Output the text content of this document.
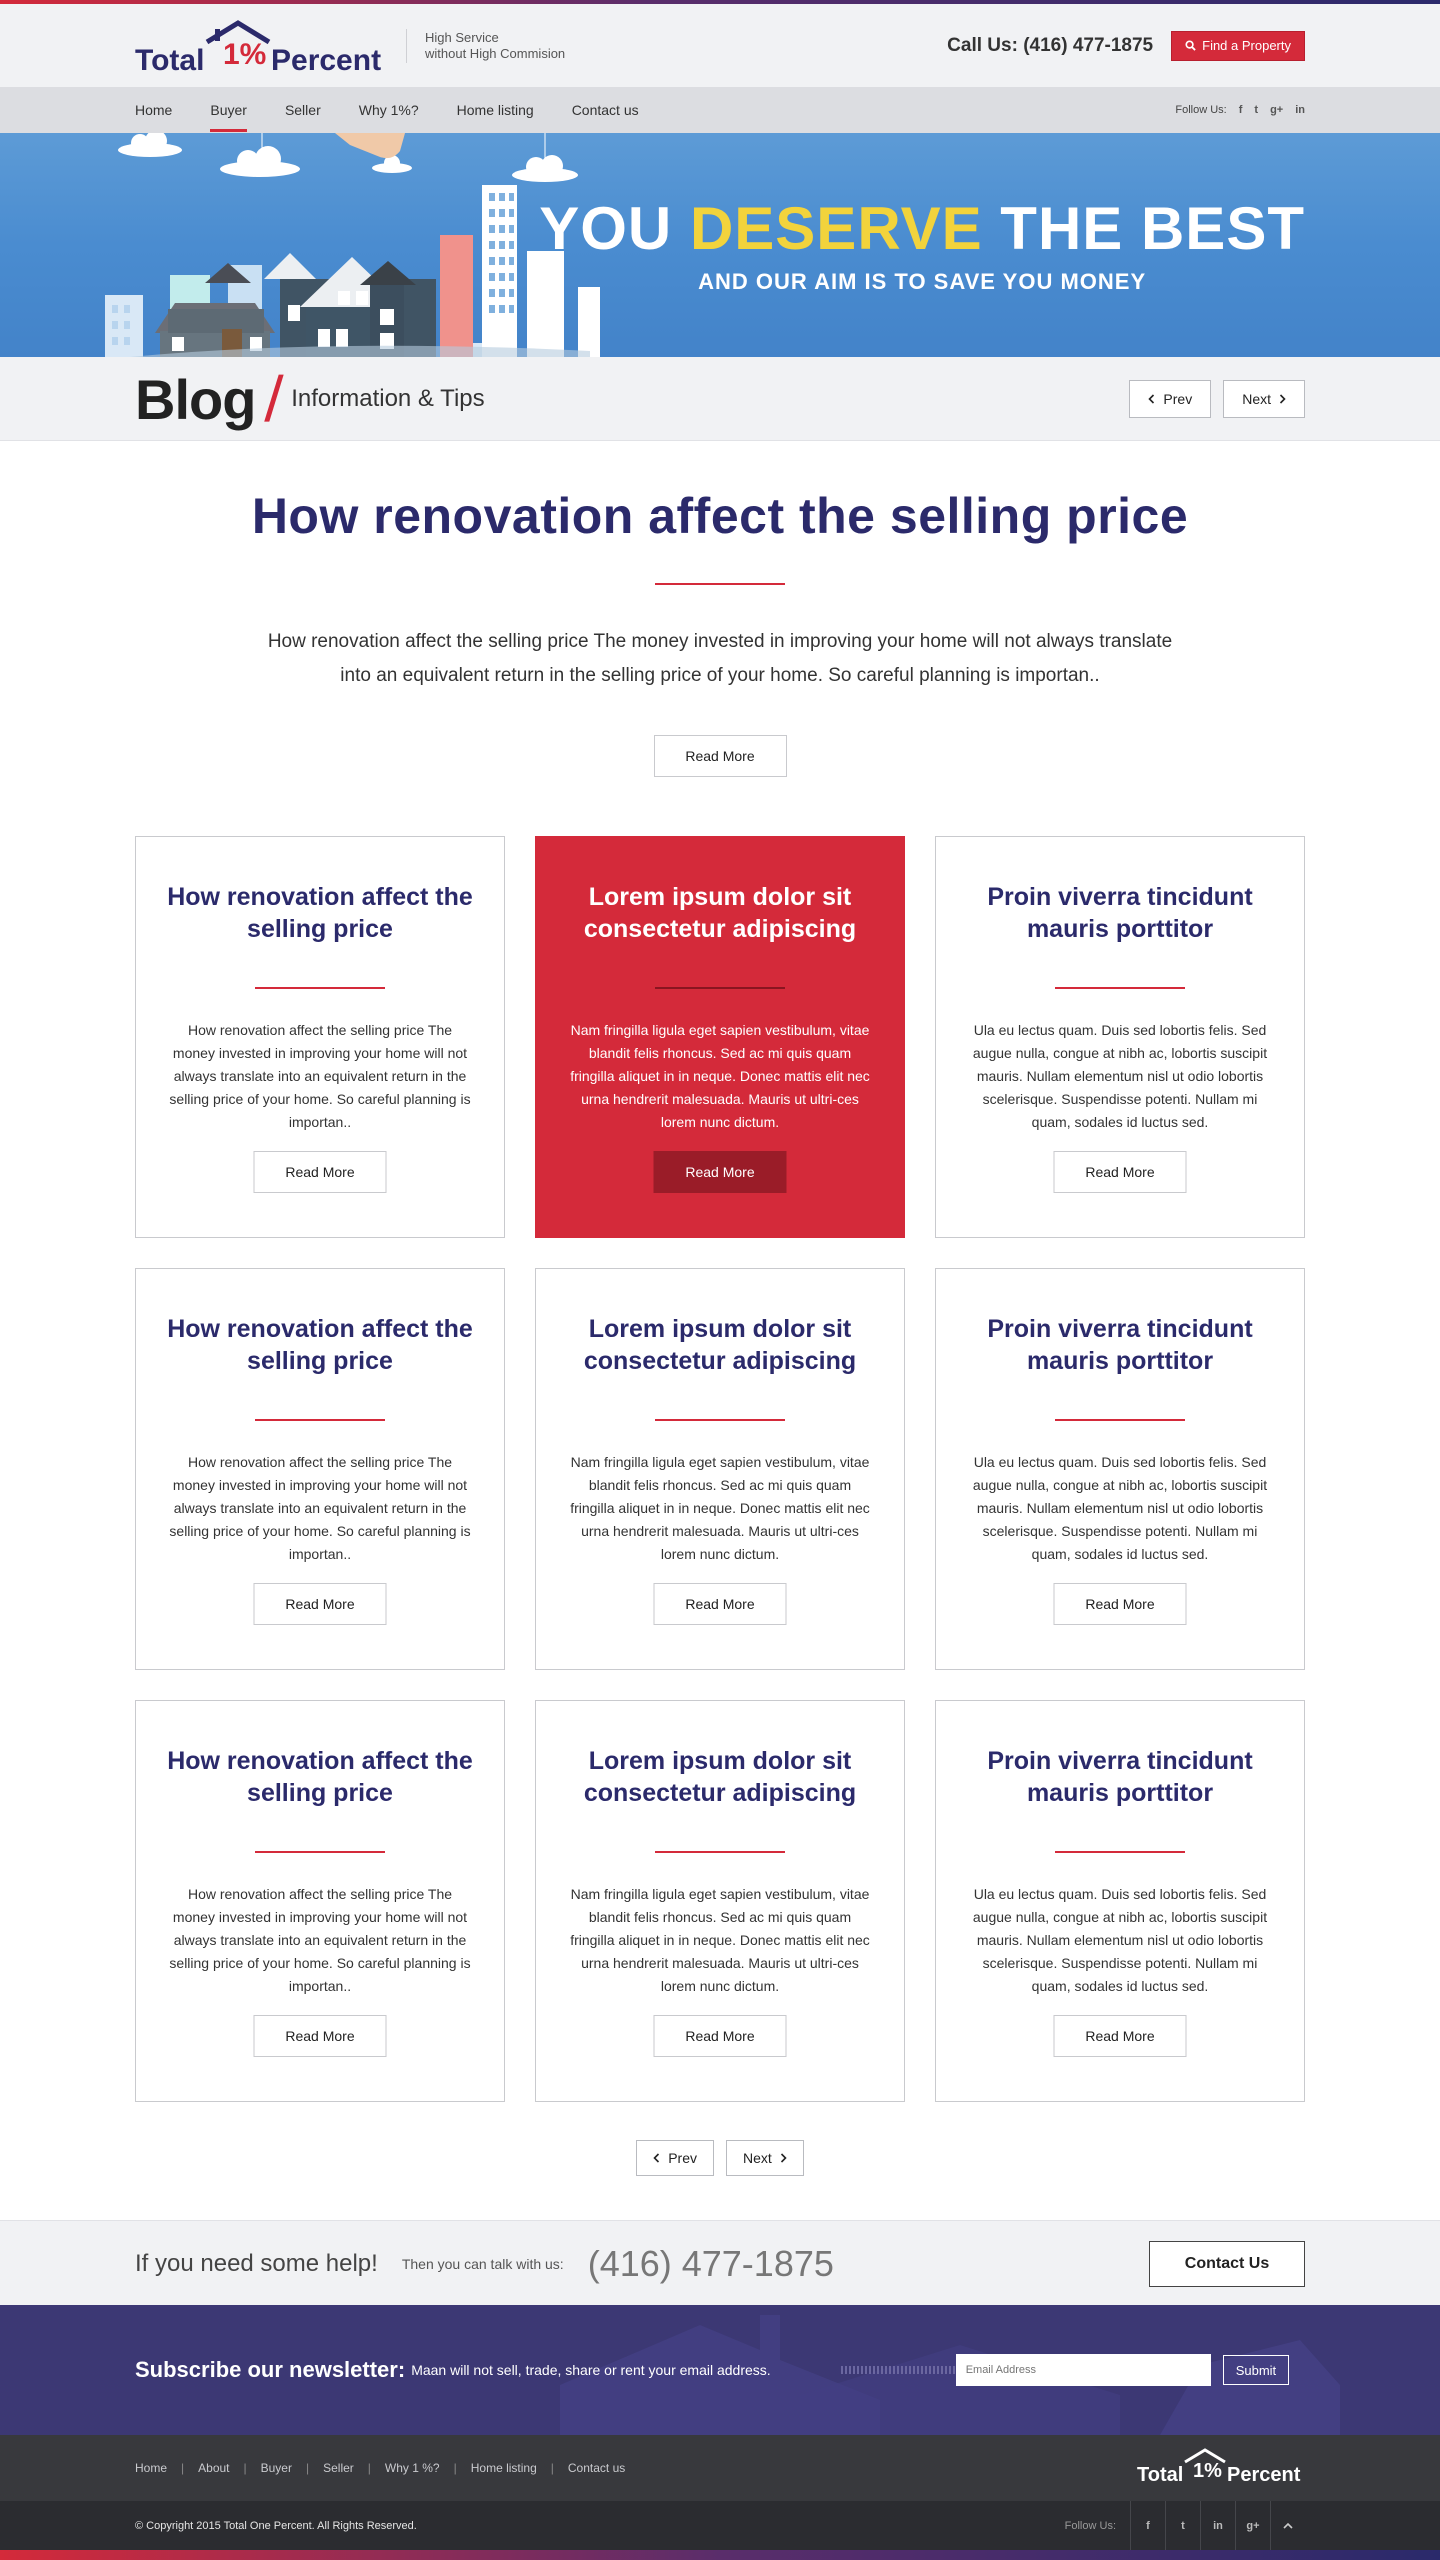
Total 1% Percent
High Service
without High Commision	Call Us: (416) 477-1875	Find a Property
Home	Buyer	Seller	Why 1%?	Home listing	Contact us	Follow Us: f t g+ in
YOU DESERVE THE BEST
AND OUR AIM IS TO SAVE YOU MONEY
Blog / Information & Tips	Prev	Next
How renovation affect the selling price

How renovation affect the selling price The money invested in improving your home will not always translate
into an equivalent return in the selling price of your home. So careful planning is importan..

Read More
How renovation affect the selling price

How renovation affect the selling price The money invested in improving your home will not always translate into an equivalent return in the selling price of your home. So careful planning is importan..

Read More
Lorem ipsum dolor sit consectetur adipiscing

Nam fringilla ligula eget sapien vestibulum, vitae blandit felis rhoncus. Sed ac mi quis quam fringilla aliquet in in neque. Donec mattis elit nec urna hendrerit malesuada. Mauris ut ultri-ces lorem nunc dictum.

Read More
Proin viverra tincidunt mauris porttitor

Ula eu lectus quam. Duis sed lobortis felis. Sed augue nulla, congue at nibh ac, lobortis suscipit mauris. Nullam elementum nisl ut odio lobortis scelerisque. Suspendisse potenti. Nullam mi quam, sodales id luctus sed.

Read More
How renovation affect the selling price

How renovation affect the selling price The money invested in improving your home will not always translate into an equivalent return in the selling price of your home. So careful planning is importan..

Read More
Lorem ipsum dolor sit consectetur adipiscing

Nam fringilla ligula eget sapien vestibulum, vitae blandit felis rhoncus. Sed ac mi quis quam fringilla aliquet in in neque. Donec mattis elit nec urna hendrerit malesuada. Mauris ut ultri-ces lorem nunc dictum.

Read More
Proin viverra tincidunt mauris porttitor

Ula eu lectus quam. Duis sed lobortis felis. Sed augue nulla, congue at nibh ac, lobortis suscipit mauris. Nullam elementum nisl ut odio lobortis scelerisque. Suspendisse potenti. Nullam mi quam, sodales id luctus sed.

Read More
How renovation affect the selling price

How renovation affect the selling price The money invested in improving your home will not always translate into an equivalent return in the selling price of your home. So careful planning is importan..

Read More
Lorem ipsum dolor sit consectetur adipiscing

Nam fringilla ligula eget sapien vestibulum, vitae blandit felis rhoncus. Sed ac mi quis quam fringilla aliquet in in neque. Donec mattis elit nec urna hendrerit malesuada. Mauris ut ultri-ces lorem nunc dictum.

Read More
Proin viverra tincidunt mauris porttitor

Ula eu lectus quam. Duis sed lobortis felis. Sed augue nulla, congue at nibh ac, lobortis suscipit mauris. Nullam elementum nisl ut odio lobortis scelerisque. Suspendisse potenti. Nullam mi quam, sodales id luctus sed.

Read More
Prev	Next
If you need some help! Then you can talk with us: (416) 477-1875	Contact Us
Subscribe our newsletter: Maan will not sell, trade, share or rent your email address.
Email Address	Submit
Home | About | Buyer | Seller | Why 1 %? | Home listing | Contact us	Total 1% Percent
© Copyright 2015 Total One Percent. All Rights Reserved.	Follow Us:	f	t	in	g+
